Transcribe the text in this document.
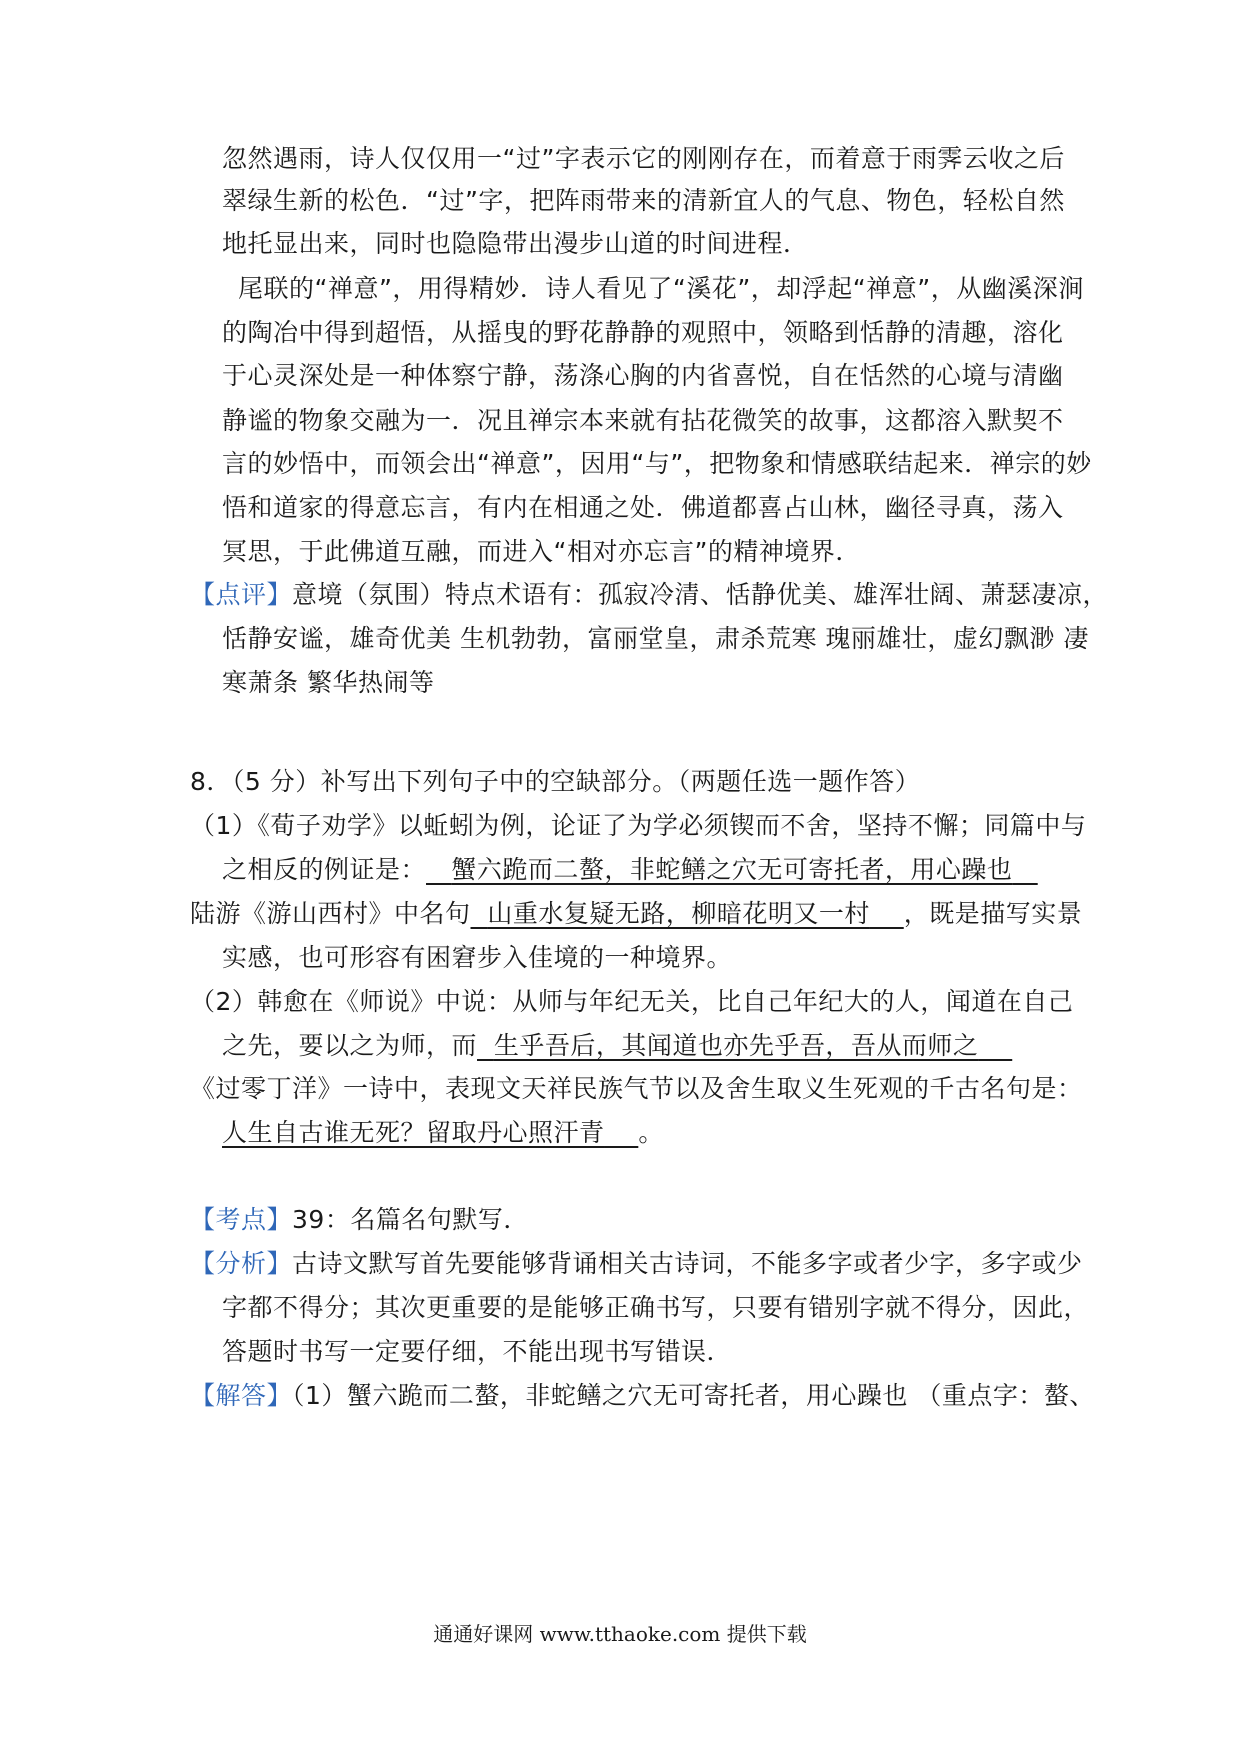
忽然遇雨，诗人仅仅用一“过”字表示它的刚刚存在，而着意于雨霁云收之后
翠绿生新的松色．“过”字，把阵雨带来的清新宜人的气息、物色，轻松自然
地托显出来，同时也隐隐带出漫步山道的时间进程．
尾联的“禅意”，用得精妙．诗人看见了“溪花”，却浮起“禅意”，从幽溪深涧
的陶冶中得到超悟，从摇曳的野花静静的观照中，领略到恬静的清趣，溶化
于心灵深处是一种体察宁静，荡涤心胸的内省喜悦，自在恬然的心境与清幽
静谧的物象交融为一．况且禅宗本来就有拈花微笑的故事，这都溶入默契不
言的妙悟中，而领会出“禅意”，因用“与”，把物象和情感联结起来．禅宗的妙
悟和道家的得意忘言，有内在相通之处．佛道都喜占山林，幽径寻真，荡入
冥思，于此佛道互融，而进入“相对亦忘言”的精神境界．
【点评】意境（氛围）特点术语有：孤寂冷清、恬静优美、雄浑壮阔、萧瑟凄凉，
恬静安谧，雄奇优美 生机勃勃，富丽堂皇，肃杀荒寒 瑰丽雄壮，虚幻飘渺 凄
寒萧条 繁华热闹等
8．（5 分）补写出下列句子中的空缺部分。（两题任选一题作答）
（1）《荀子劝学》以蚯蚓为例，论证了为学必须锲而不舍，坚持不懈；同篇中与
之相反的例证是： 蟹六跪而二螯，非蛇鳝之穴无可寄托者，用心躁也
陆游《游山西村》中名句 山重水复疑无路，柳暗花明又一村 ，既是描写实景
实感，也可形容有困窘步入佳境的一种境界。
（2）韩愈在《师说》中说：从师与年纪无关，比自己年纪大的人，闻道在自己
之先，要以之为师，而 生乎吾后，其闻道也亦先乎吾，吾从而师之
《过零丁洋》一诗中，表现文天祥民族气节以及舍生取义生死观的千古名句是：
人生自古谁无死？留取丹心照汗青 。
【考点】39：名篇名句默写．
【分析】古诗文默写首先要能够背诵相关古诗词，不能多字或者少字，多字或少
字都不得分；其次更重要的是能够正确书写，只要有错别字就不得分，因此，
答题时书写一定要仔细，不能出现书写错误．
【解答】（1）蟹六跪而二螯，非蛇鳝之穴无可寄托者，用心躁也 （重点字：螯、
通通好课网 www.tthaoke.com 提供下载
